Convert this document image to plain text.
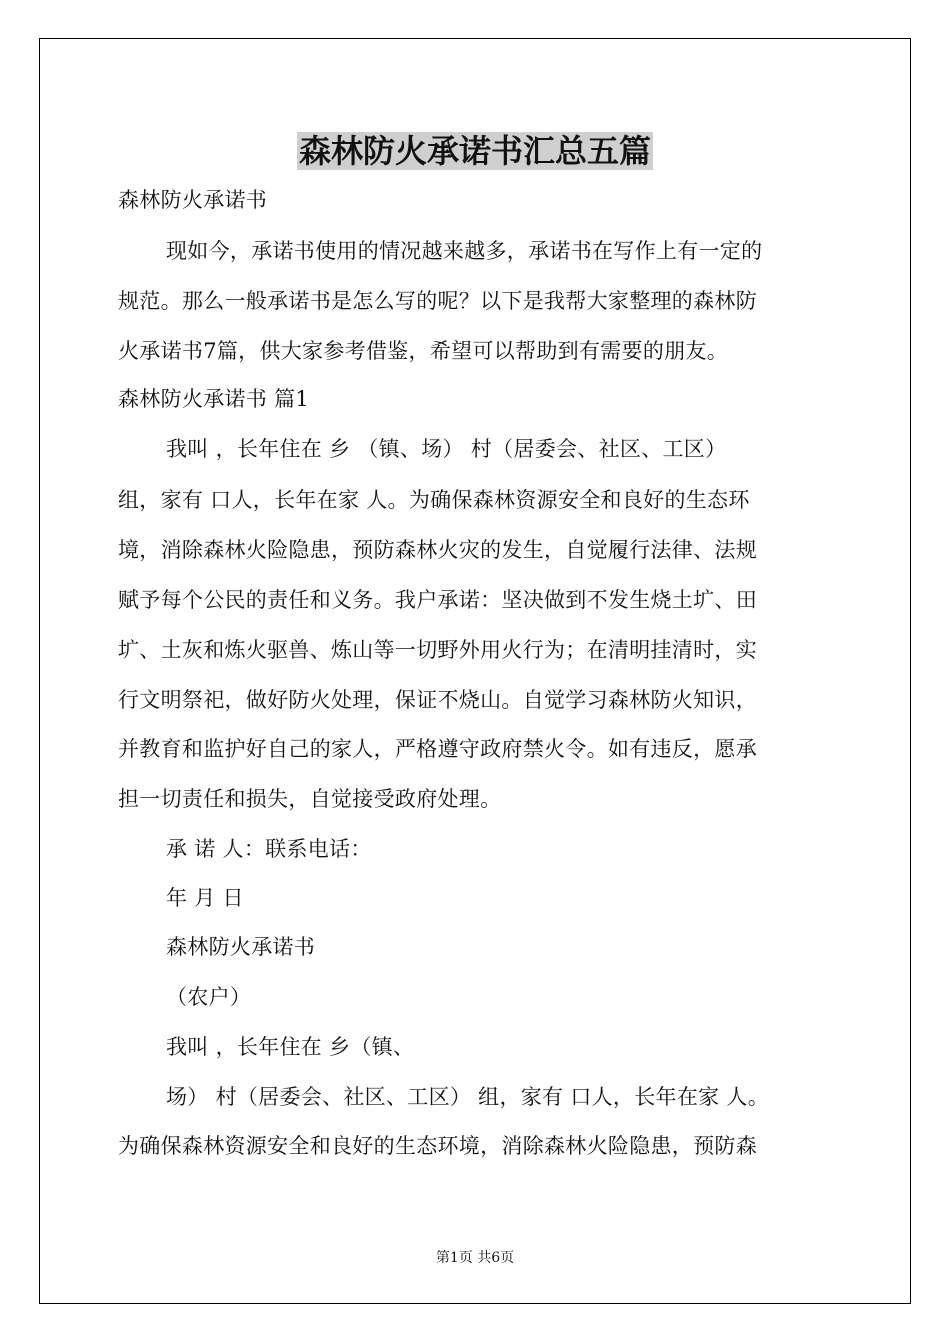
森林防火承诺书汇总五篇
森林防火承诺书
现如今，承诺书使用的情况越来越多，承诺书在写作上有一定的
规范。那么一般承诺书是怎么写的呢？以下是我帮大家整理的森林防
火承诺书7篇，供大家参考借鉴，希望可以帮助到有需要的朋友。
森林防火承诺书 篇1
我叫 ，长年住在 乡 （镇、场） 村（居委会、社区、工区）
组，家有 口人，长年在家 人。为确保森林资源安全和良好的生态环
境，消除森林火险隐患，预防森林火灾的发生，自觉履行法律、法规
赋予每个公民的责任和义务。我户承诺：坚决做到不发生烧土圹、田
圹、土灰和炼火驱兽、炼山等一切野外用火行为；在清明挂清时，实
行文明祭祀，做好防火处理，保证不烧山。自觉学习森林防火知识，
并教育和监护好自己的家人，严格遵守政府禁火令。如有违反，愿承
担一切责任和损失，自觉接受政府处理。
承 诺 人：联系电话：
年 月 日
森林防火承诺书
（农户）
我叫 ，长年住在 乡（镇、
场） 村（居委会、社区、工区） 组，家有 口人，长年在家 人。
为确保森林资源安全和良好的生态环境，消除森林火险隐患，预防森
第1页 共6页
